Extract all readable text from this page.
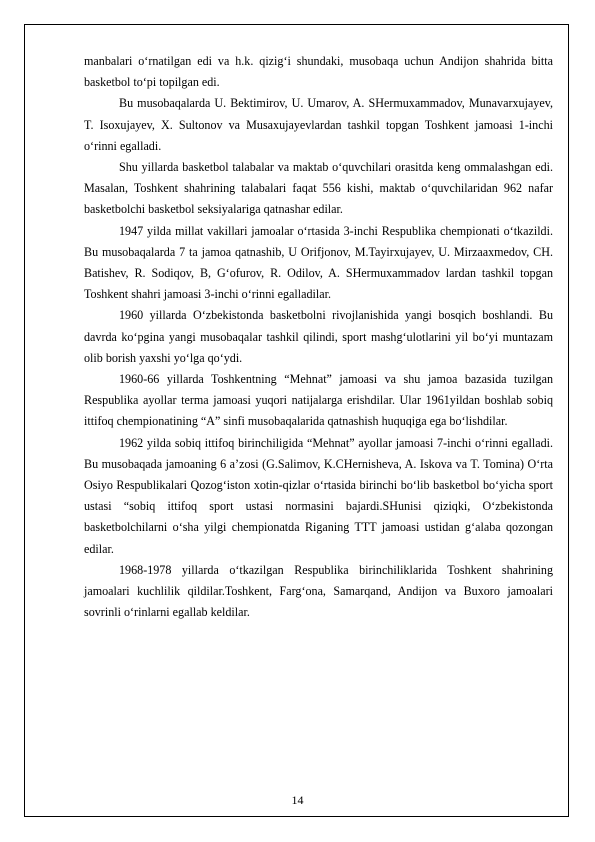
manbalari o‘rnatilgan edi va h.k. qizig‘i shundaki, musobaqa uchun Andijon shahrida bitta basketbol to‘pi topilgan edi.

Bu musobaqalarda U. Bektimirov, U. Umarov, A. SHermuxammadov, Munavarxujayev, T. Isoxujayev, X. Sultonov va Musaxujayevlardan tashkil topgan Toshkent jamoasi 1-inchi o‘rinni egalladi.

Shu yillarda basketbol talabalar va maktab o‘quvchilari orasitda keng ommalashgan edi. Masalan, Toshkent shahrining talabalari faqat 556 kishi, maktab o‘quvchilaridan 962 nafar basketbolchi basketbol seksiyalariga qatnashar edilar.

1947 yilda millat vakillari jamoalar o‘rtasida 3-inchi Respublika chempionati o‘tkazildi. Bu musobaqalarda 7 ta jamoa qatnashib, U Orifjonov, M.Tayirxujayev, U. Mirzaaxmedov, CH. Batishev, R. Sodiqov, B, G‘ofurov, R. Odilov, A. SHermuxammadov lardan tashkil topgan Toshkent shahri jamoasi 3-inchi o‘rinni egalladilar.

1960 yillarda O‘zbekistonda basketbolni rivojlanishida yangi bosqich boshlandi. Bu davrda ko‘pgina yangi musobaqalar tashkil qilindi, sport mashg‘ulotlarini yil bo‘yi muntazam olib borish yaxshi yo‘lga qo‘ydi.

1960-66 yillarda Toshkentning “Mehnat” jamoasi va shu jamoa bazasida tuzilgan Respublika ayollar terma jamoasi yuqori natijalarga erishdilar. Ular 1961yildan boshlab sobiq ittifoq chempionatining “A” sinfi musobaqalarida qatnashish huquqiga ega bo‘lishdilar.

1962 yilda sobiq ittifoq birinchiligida “Mehnat” ayollar jamoasi 7-inchi o‘rinni egalladi. Bu musobaqada jamoaning 6 a’zosi (G.Salimov, K.CHernisheva, A. Iskova va T. Tomina) O‘rta Osiyo Respublikalari Qozog‘iston xotin-qizlar o‘rtasida birinchi bo‘lib basketbol bo‘yicha sport ustasi “sobiq ittifoq sport ustasi normasini bajardi.SHunisi qiziqki, O‘zbekistonda basketbolchilarni o‘sha yilgi chempionatda Riganing TTT jamoasi ustidan g‘alaba qozongan edilar.

1968-1978 yillarda o‘tkazilgan Respublika birinchiliklarida Toshkent shahrining jamoalari kuchlilik qildilar.Toshkent, Farg‘ona, Samarqand, Andijon va Buxoro jamoalari sovrinli o‘rinlarni egallab keldilar.

14
